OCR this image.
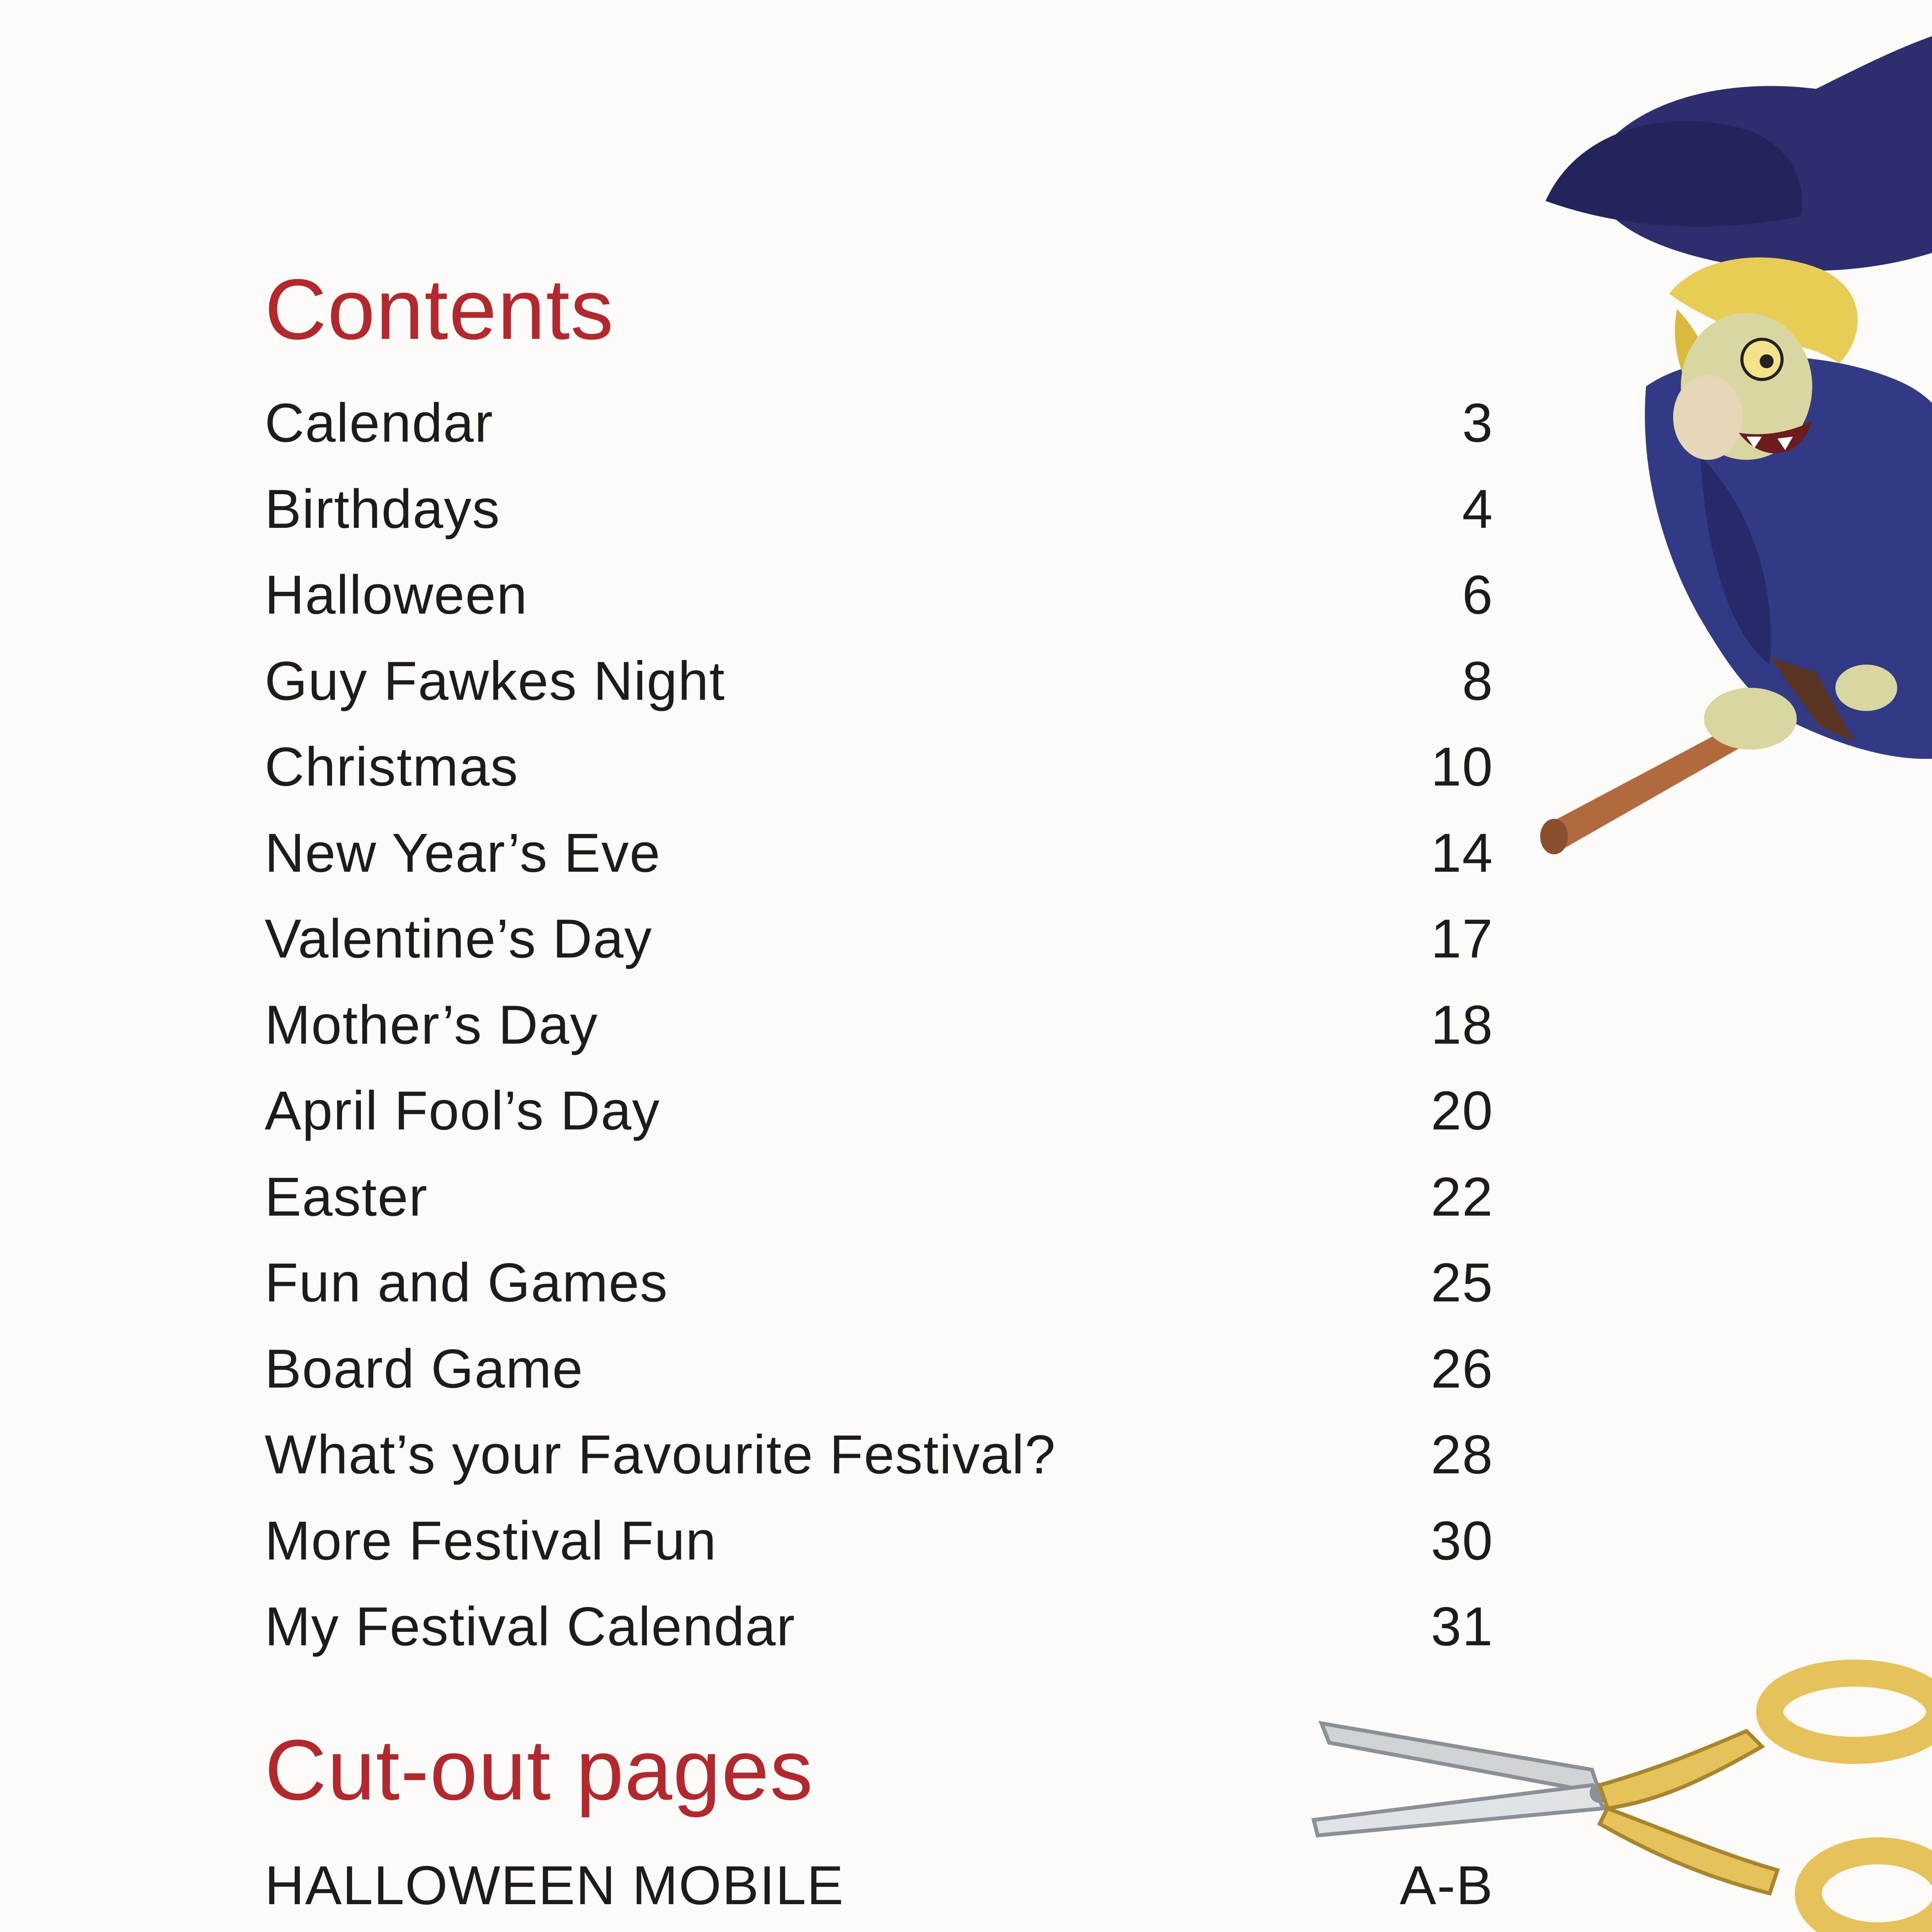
Contents
Calendar	3
Birthdays	4
Halloween	6
Guy Fawkes Night	8
Christmas	10
New Year’s Eve	14
Valentine’s Day	17
Mother’s Day	18
April Fool’s Day	20
Easter	22
Fun and Games	25
Board Game	26
What’s your Favourite Festival?	28
More Festival Fun	30
My Festival Calendar	31
Cut-out pages
HALLOWEEN MOBILE	A-B
